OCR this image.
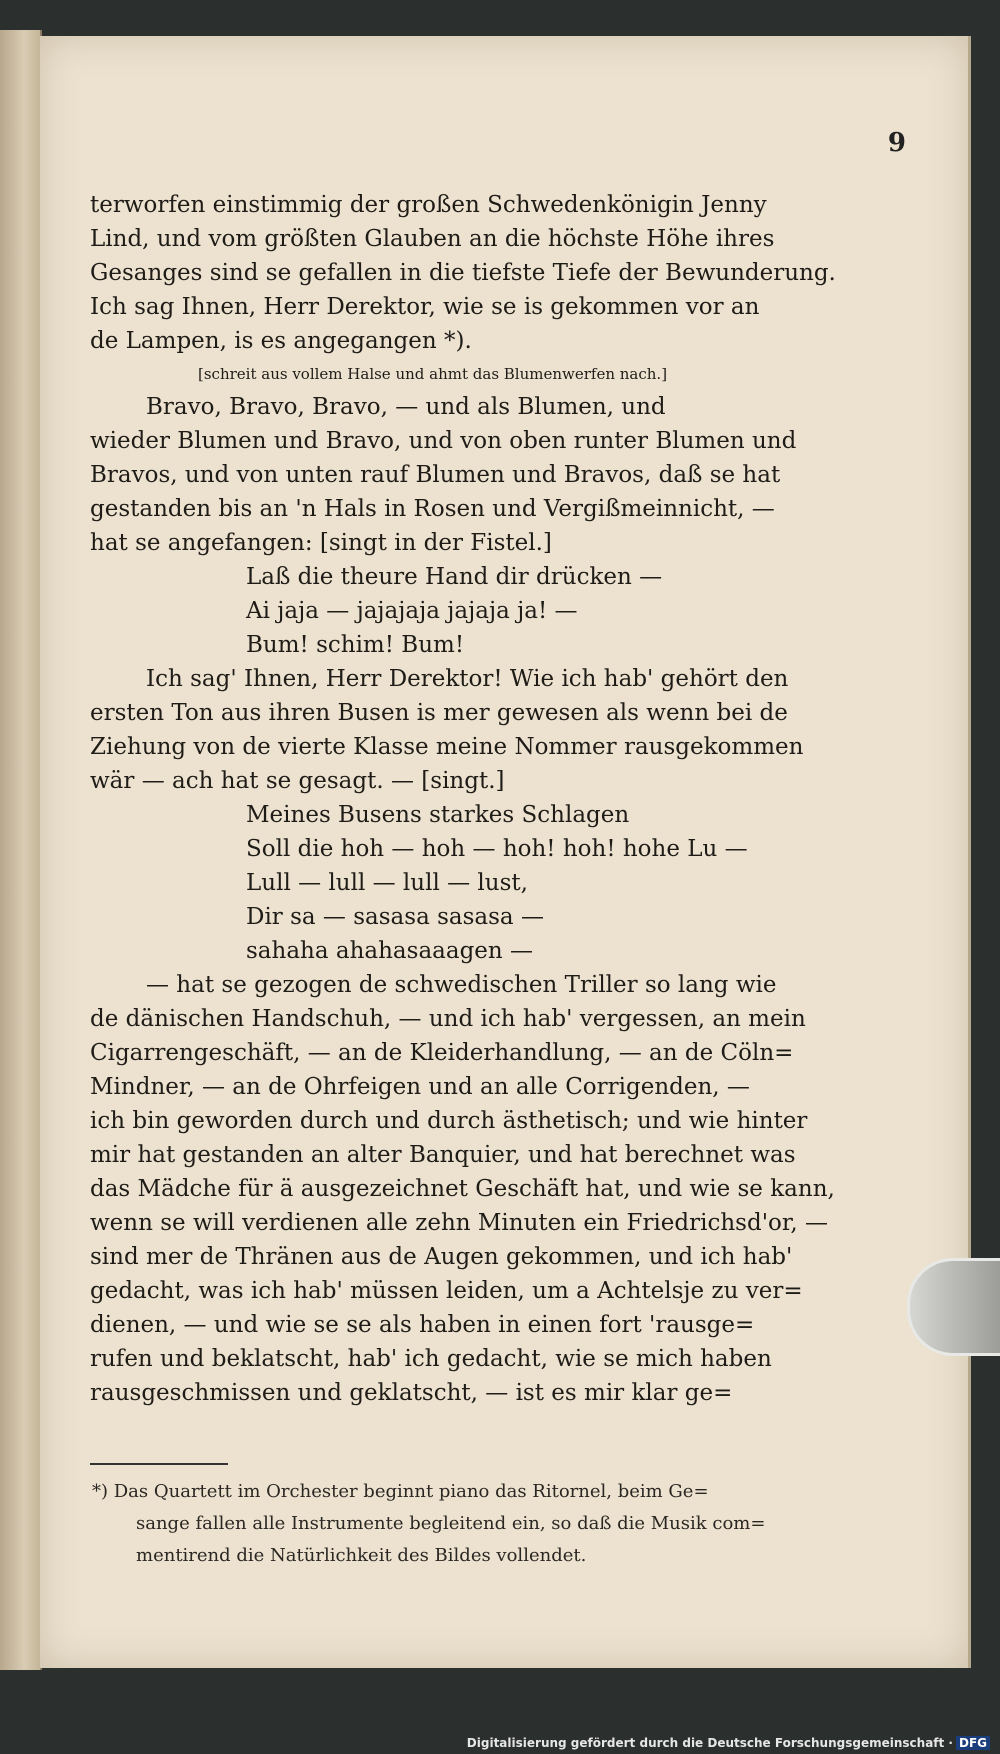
9
terworfen einstimmig der großen Schwedenkönigin Jenny
Lind, und vom größten Glauben an die höchste Höhe ihres
Gesanges sind se gefallen in die tiefste Tiefe der Bewunderung.
Ich sag Ihnen, Herr Derektor, wie se is gekommen vor an
de Lampen, is es angegangen *).
[schreit aus vollem Halse und ahmt das Blumenwerfen nach.]
Bravo, Bravo, Bravo, — und als Blumen, und
wieder Blumen und Bravo, und von oben runter Blumen und
Bravos, und von unten rauf Blumen und Bravos, daß se hat
gestanden bis an 'n Hals in Rosen und Vergißmeinnicht, —
hat se angefangen: [singt in der Fistel.]
Laß die theure Hand dir drücken —
Ai jaja — jajajaja jajaja ja! —
Bum! schim! Bum!
Ich sag' Ihnen, Herr Derektor! Wie ich hab' gehört den
ersten Ton aus ihren Busen is mer gewesen als wenn bei de
Ziehung von de vierte Klasse meine Nommer rausgekommen
wär — ach hat se gesagt. — [singt.]
Meines Busens starkes Schlagen
Soll die hoh — hoh — hoh! hoh! hohe Lu —
Lull — lull — lull — lust,
Dir sa — sasasa sasasa —
sahaha ahahasaaagen —
— hat se gezogen de schwedischen Triller so lang wie
de dänischen Handschuh, — und ich hab' vergessen, an mein
Cigarrengeschäft, — an de Kleiderhandlung, — an de Cöln=
Mindner, — an de Ohrfeigen und an alle Corrigenden, —
ich bin geworden durch und durch ästhetisch; und wie hinter
mir hat gestanden an alter Banquier, und hat berechnet was
das Mädche für ä ausgezeichnet Geschäft hat, und wie se kann,
wenn se will verdienen alle zehn Minuten ein Friedrichsd'or, —
sind mer de Thränen aus de Augen gekommen, und ich hab'
gedacht, was ich hab' müssen leiden, um a Achtelsje zu ver=
dienen, — und wie se se als haben in einen fort 'rausge=
rufen und beklatscht, hab' ich gedacht, wie se mich haben
rausgeschmissen und geklatscht, — ist es mir klar ge=
*) Das Quartett im Orchester beginnt piano das Ritornel, beim Ge=
sange fallen alle Instrumente begleitend ein, so daß die Musik com=
mentirend die Natürlichkeit des Bildes vollendet.
Digitalisierung gefördert durch die Deutsche Forschungsgemeinschaft · DFG
